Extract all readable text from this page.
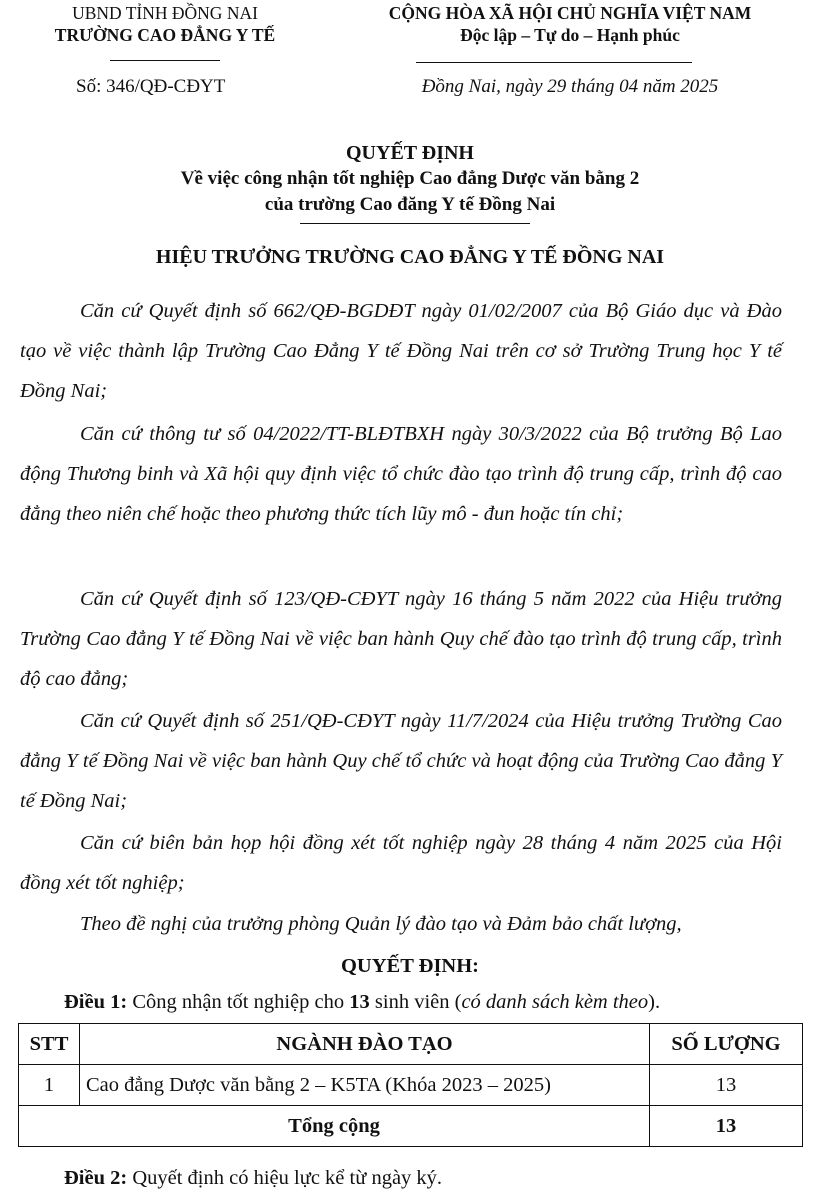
UBND TỈNH ĐỒNG NAI
TRƯỜNG CAO ĐẲNG Y TẾ
Số: 346/QĐ-CĐYT
CỘNG HÒA XÃ HỘI CHỦ NGHĨA VIỆT NAM
Độc lập – Tự do – Hạnh phúc
Đồng Nai, ngày 29 tháng 04 năm 2025
QUYẾT ĐỊNH
Về việc công nhận tốt nghiệp Cao đẳng Dược văn bằng 2
của trường Cao đăng Y tế Đồng Nai
HIỆU TRƯỞNG TRƯỜNG CAO ĐẲNG Y TẾ ĐỒNG NAI

Căn cứ Quyết định số 662/QĐ-BGDĐT ngày 01/02/2007 của Bộ Giáo dục và Đào tạo về việc thành lập Trường Cao Đẳng Y tế Đồng Nai trên cơ sở Trường Trung học Y tế Đồng Nai;

Căn cứ thông tư số 04/2022/TT-BLĐTBXH ngày 30/3/2022 của Bộ trưởng Bộ Lao động Thương binh và Xã hội quy định việc tổ chức đào tạo trình độ trung cấp, trình độ cao đẳng theo niên chế hoặc theo phương thức tích lũy mô - đun hoặc tín chỉ;

Căn cứ Quyết định số 123/QĐ-CĐYT ngày 16 tháng 5 năm 2022 của Hiệu trưởng Trường Cao đẳng Y tế Đồng Nai về việc ban hành Quy chế đào tạo trình độ trung cấp, trình độ cao đẳng;

Căn cứ Quyết định số 251/QĐ-CĐYT ngày 11/7/2024 của Hiệu trưởng Trường Cao đẳng Y tế Đồng Nai về việc ban hành Quy chế tổ chức và hoạt động của Trường Cao đẳng Y tế Đồng Nai;

Căn cứ biên bản họp hội đồng xét tốt nghiệp ngày 28 tháng 4 năm 2025 của Hội đồng xét tốt nghiệp;

Theo đề nghị của trưởng phòng Quản lý đào tạo và Đảm bảo chất lượng,

QUYẾT ĐỊNH:
Điều 1: Công nhận tốt nghiệp cho 13 sinh viên (có danh sách kèm theo).
STT	NGÀNH ĐÀO TẠO	SỐ LƯỢNG
1	Cao đẳng Dược văn bằng 2 – K5TA (Khóa 2023 – 2025)	13
Tổng cộng		13
Điều 2: Quyết định có hiệu lực kể từ ngày ký.
